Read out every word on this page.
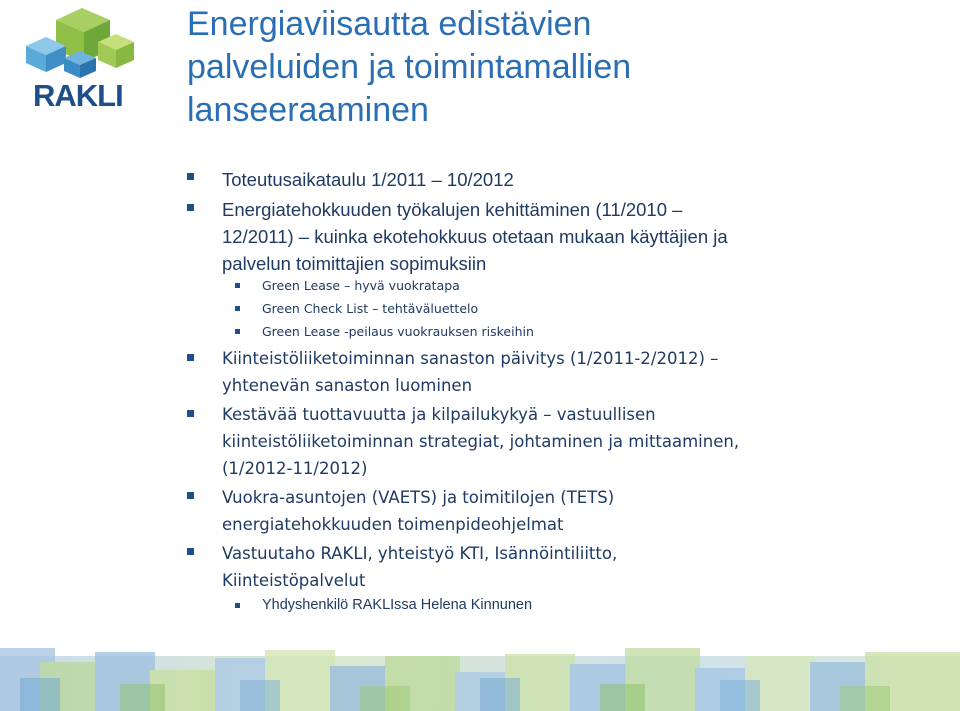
RAKLI
Energiaviisautta edistävien
palveluiden ja toimintamallien
lanseeraaminen
Toteutusaikataulu 1/2011 – 10/2012
Energiatehokkuuden työkalujen kehittäminen (11/2010 –
12/2011) – kuinka ekotehokkuus otetaan mukaan käyttäjien ja
palvelun toimittajien sopimuksiin
Green Lease – hyvä vuokratapa
Green Check List – tehtäväluettelo
Green Lease -peilaus vuokrauksen riskeihin
Kiinteistöliiketoiminnan sanaston päivitys (1/2011-2/2012) –
yhtenevän sanaston luominen
Kestävää tuottavuutta ja kilpailukykyä – vastuullisen
kiinteistöliiketoiminnan strategiat, johtaminen ja mittaaminen,
(1/2012-11/2012)
Vuokra-asuntojen (VAETS) ja toimitilojen (TETS)
energiatehokkuuden toimenpideohjelmat
Vastuutaho RAKLI, yhteistyö KTI, Isännöintiliitto,
Kiinteistöpalvelut
Yhdyshenkilö RAKLIssa Helena Kinnunen
